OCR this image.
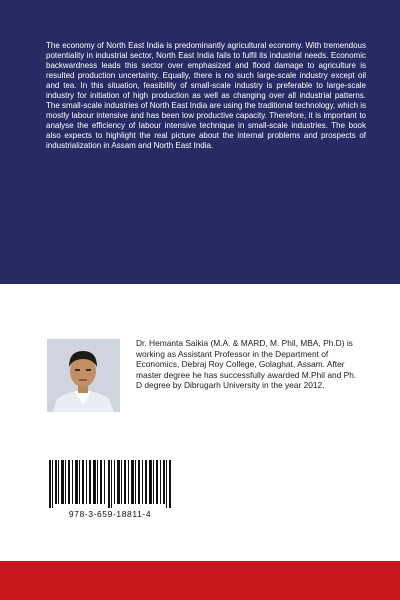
The economy of North East India is predominantly agricultural economy. With tremendous potentiality in industrial sector, North East India fails to fulfil its industrial needs. Economic backwardness leads this sector over emphasized and flood damage to agriculture is resulted production uncertainty. Equally, there is no such large-scale industry except oil and tea. In this situation, feasibility of small-scale industry is preferable to large-scale industry for initiation of high production as well as changing over all industrial patterns. The small-scale industries of North East India are using the traditional technology, which is mostly labour intensive and has been low productive capacity. Therefore, it is important to analyse the efficiency of labour intensive technique in small-scale industries. The book also expects to highlight the real picture about the internal problems and prospects of industrialization in Assam and North East India.

Dr. Hemanta Saikia (M.A. & MARD, M. Phil, MBA, Ph.D) is working as Assistant Professor in the Department of Economics, Debraj Roy College, Golaghat, Assam. After master degree he has successfully awarded M.Phil and Ph. D degree by Dibrugarh University in the year 2012.

978-3-659-18811-4
